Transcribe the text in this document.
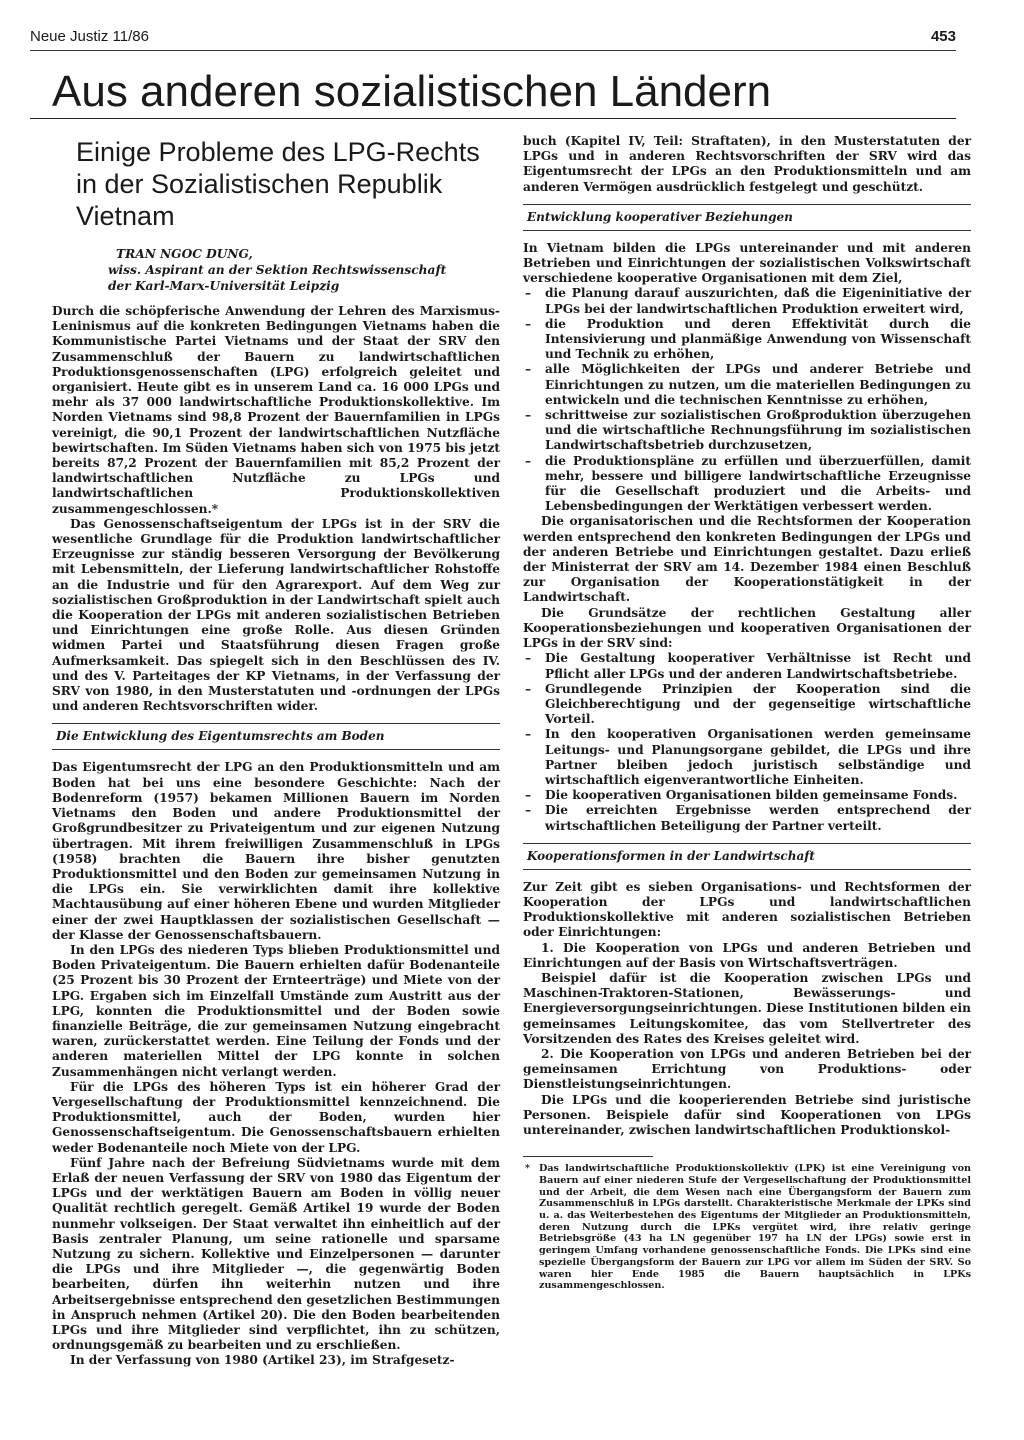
Neue Justiz 11/86	453
Aus anderen sozialistischen Ländern
Einige Probleme des LPG-Rechts
in der Sozialistischen Republik Vietnam
TRAN NGOC DUNG,
wiss. Aspirant an der Sektion Rechtswissenschaft
der Karl-Marx-Universität Leipzig

Durch die schöpferische Anwendung der Lehren des Marxismus-Leninismus auf die konkreten Bedingungen Vietnams haben die Kommunistische Partei Vietnams und der Staat der SRV den Zusammenschluß der Bauern zu landwirtschaftlichen Produktionsgenossenschaften (LPG) erfolgreich geleitet und organisiert. Heute gibt es in unserem Land ca. 16 000 LPGs und mehr als 37 000 landwirtschaftliche Produktionskollektive. Im Norden Vietnams sind 98,8 Prozent der Bauernfamilien in LPGs vereinigt, die 90,1 Prozent der landwirtschaftlichen Nutzfläche bewirtschaften. Im Süden Vietnams haben sich von 1975 bis jetzt bereits 87,2 Prozent der Bauernfamilien mit 85,2 Prozent der landwirtschaftlichen Nutzfläche zu LPGs und landwirtschaftlichen Produktionskollektiven zusammengeschlossen.*

Das Genossenschaftseigentum der LPGs ist in der SRV die wesentliche Grundlage für die Produktion landwirtschaftlicher Erzeugnisse zur ständig besseren Versorgung der Bevölkerung mit Lebensmitteln, der Lieferung landwirtschaftlicher Rohstoffe an die Industrie und für den Agrarexport. Auf dem Weg zur sozialistischen Großproduktion in der Landwirtschaft spielt auch die Kooperation der LPGs mit anderen sozialistischen Betrieben und Einrichtungen eine große Rolle. Aus diesen Gründen widmen Partei und Staatsführung diesen Fragen große Aufmerksamkeit. Das spiegelt sich in den Beschlüssen des IV. und des V. Parteitages der KP Vietnams, in der Verfassung der SRV von 1980, in den Musterstatuten und -ordnungen der LPGs und anderen Rechtsvorschriften wider.

Die Entwicklung des Eigentumsrechts am Boden

Das Eigentumsrecht der LPG an den Produktionsmitteln und am Boden hat bei uns eine besondere Geschichte: Nach der Bodenreform (1957) bekamen Millionen Bauern im Norden Vietnams den Boden und andere Produktionsmittel der Großgrundbesitzer zu Privateigentum und zur eigenen Nutzung übertragen. Mit ihrem freiwilligen Zusammenschluß in LPGs (1958) brachten die Bauern ihre bisher genutzten Produktionsmittel und den Boden zur gemeinsamen Nutzung in die LPGs ein. Sie verwirklichten damit ihre kollektive Machtausübung auf einer höheren Ebene und wurden Mitglieder einer der zwei Hauptklassen der sozialistischen Gesellschaft — der Klasse der Genossenschaftsbauern.

In den LPGs des niederen Typs blieben Produktionsmittel und Boden Privateigentum. Die Bauern erhielten dafür Bodenanteile (25 Prozent bis 30 Prozent der Ernteerträge) und Miete von der LPG. Ergaben sich im Einzelfall Umstände zum Austritt aus der LPG, konnten die Produktionsmittel und der Boden sowie finanzielle Beiträge, die zur gemeinsamen Nutzung eingebracht waren, zurückerstattet werden. Eine Teilung der Fonds und der anderen materiellen Mittel der LPG konnte in solchen Zusammenhängen nicht verlangt werden.

Für die LPGs des höheren Typs ist ein höherer Grad der Vergesellschaftung der Produktionsmittel kennzeichnend. Die Produktionsmittel, auch der Boden, wurden hier Genossenschaftseigentum. Die Genossenschaftsbauern erhielten weder Bodenanteile noch Miete von der LPG.

Fünf Jahre nach der Befreiung Südvietnams wurde mit dem Erlaß der neuen Verfassung der SRV von 1980 das Eigentum der LPGs und der werktätigen Bauern am Boden in völlig neuer Qualität rechtlich geregelt. Gemäß Artikel 19 wurde der Boden nunmehr volkseigen. Der Staat verwaltet ihn einheitlich auf der Basis zentraler Planung, um seine rationelle und sparsame Nutzung zu sichern. Kollektive und Einzelpersonen — darunter die LPGs und ihre Mitglieder —, die gegenwärtig Boden bearbeiten, dürfen ihn weiterhin nutzen und ihre Arbeitsergebnisse entsprechend den gesetzlichen Bestimmungen in Anspruch nehmen (Artikel 20). Die den Boden bearbeitenden LPGs und ihre Mitglieder sind verpflichtet, ihn zu schützen, ordnungsgemäß zu bearbeiten und zu erschließen.

In der Verfassung von 1980 (Artikel 23), im Strafgesetz-

buch (Kapitel IV, Teil: Straftaten), in den Musterstatuten der LPGs und in anderen Rechtsvorschriften der SRV wird das Eigentumsrecht der LPGs an den Produktionsmitteln und am anderen Vermögen ausdrücklich festgelegt und geschützt.

Entwicklung kooperativer Beziehungen

In Vietnam bilden die LPGs untereinander und mit anderen Betrieben und Einrichtungen der sozialistischen Volkswirtschaft verschiedene kooperative Organisationen mit dem Ziel,

– die Planung darauf auszurichten, daß die Eigeninitiative der LPGs bei der landwirtschaftlichen Produktion erweitert wird,
– die Produktion und deren Effektivität durch die Intensivierung und planmäßige Anwendung von Wissenschaft und Technik zu erhöhen,
– alle Möglichkeiten der LPGs und anderer Betriebe und Einrichtungen zu nutzen, um die materiellen Bedingungen zu entwickeln und die technischen Kenntnisse zu erhöhen,
– schrittweise zur sozialistischen Großproduktion überzugehen und die wirtschaftliche Rechnungsführung im sozialistischen Landwirtschaftsbetrieb durchzusetzen,
– die Produktionspläne zu erfüllen und überzuerfüllen, damit mehr, bessere und billigere landwirtschaftliche Erzeugnisse für die Gesellschaft produziert und die Arbeits- und Lebensbedingungen der Werktätigen verbessert werden.

Die organisatorischen und die Rechtsformen der Kooperation werden entsprechend den konkreten Bedingungen der LPGs und der anderen Betriebe und Einrichtungen gestaltet. Dazu erließ der Ministerrat der SRV am 14. Dezember 1984 einen Beschluß zur Organisation der Kooperationstätigkeit in der Landwirtschaft.

Die Grundsätze der rechtlichen Gestaltung aller Kooperationsbeziehungen und kooperativen Organisationen der LPGs in der SRV sind:

– Die Gestaltung kooperativer Verhältnisse ist Recht und Pflicht aller LPGs und der anderen Landwirtschaftsbetriebe.
– Grundlegende Prinzipien der Kooperation sind die Gleichberechtigung und der gegenseitige wirtschaftliche Vorteil.
– In den kooperativen Organisationen werden gemeinsame Leitungs- und Planungsorgane gebildet, die LPGs und ihre Partner bleiben jedoch juristisch selbständige und wirtschaftlich eigenverantwortliche Einheiten.
– Die kooperativen Organisationen bilden gemeinsame Fonds.
– Die erreichten Ergebnisse werden entsprechend der wirtschaftlichen Beteiligung der Partner verteilt.
Kooperationsformen in der Landwirtschaft

Zur Zeit gibt es sieben Organisations- und Rechtsformen der Kooperation der LPGs und landwirtschaftlichen Produktionskollektive mit anderen sozialistischen Betrieben oder Einrichtungen:

1. Die Kooperation von LPGs und anderen Betrieben und Einrichtungen auf der Basis von Wirtschaftsverträgen.

Beispiel dafür ist die Kooperation zwischen LPGs und Maschinen-Traktoren-Stationen, Bewässerungs- und Energieversorgungseinrichtungen. Diese Institutionen bilden ein gemeinsames Leitungskomitee, das vom Stellvertreter des Vorsitzenden des Rates des Kreises geleitet wird.

2. Die Kooperation von LPGs und anderen Betrieben bei der gemeinsamen Errichtung von Produktions- oder Dienstleistungseinrichtungen.

Die LPGs und die kooperierenden Betriebe sind juristische Personen. Beispiele dafür sind Kooperationen von LPGs untereinander, zwischen landwirtschaftlichen Produktionskol-

* Das landwirtschaftliche Produktionskollektiv (LPK) ist eine Vereinigung von Bauern auf einer niederen Stufe der Vergesellschaftung der Produktionsmittel und der Arbeit, die dem Wesen nach eine Übergangsform der Bauern zum Zusammenschluß in LPGs darstellt. Charakteristische Merkmale der LPKs sind u. a. das Weiterbestehen des Eigentums der Mitglieder an Produktionsmitteln, deren Nutzung durch die LPKs vergütet wird, ihre relativ geringe Betriebsgröße (43 ha LN gegenüber 197 ha LN der LPGs) sowie erst in geringem Umfang vorhandene genossenschaftliche Fonds. Die LPKs sind eine spezielle Übergangsform der Bauern zur LPG vor allem im Süden der SRV. So waren hier Ende 1985 die Bauern hauptsächlich in LPKs zusammengeschlossen.
